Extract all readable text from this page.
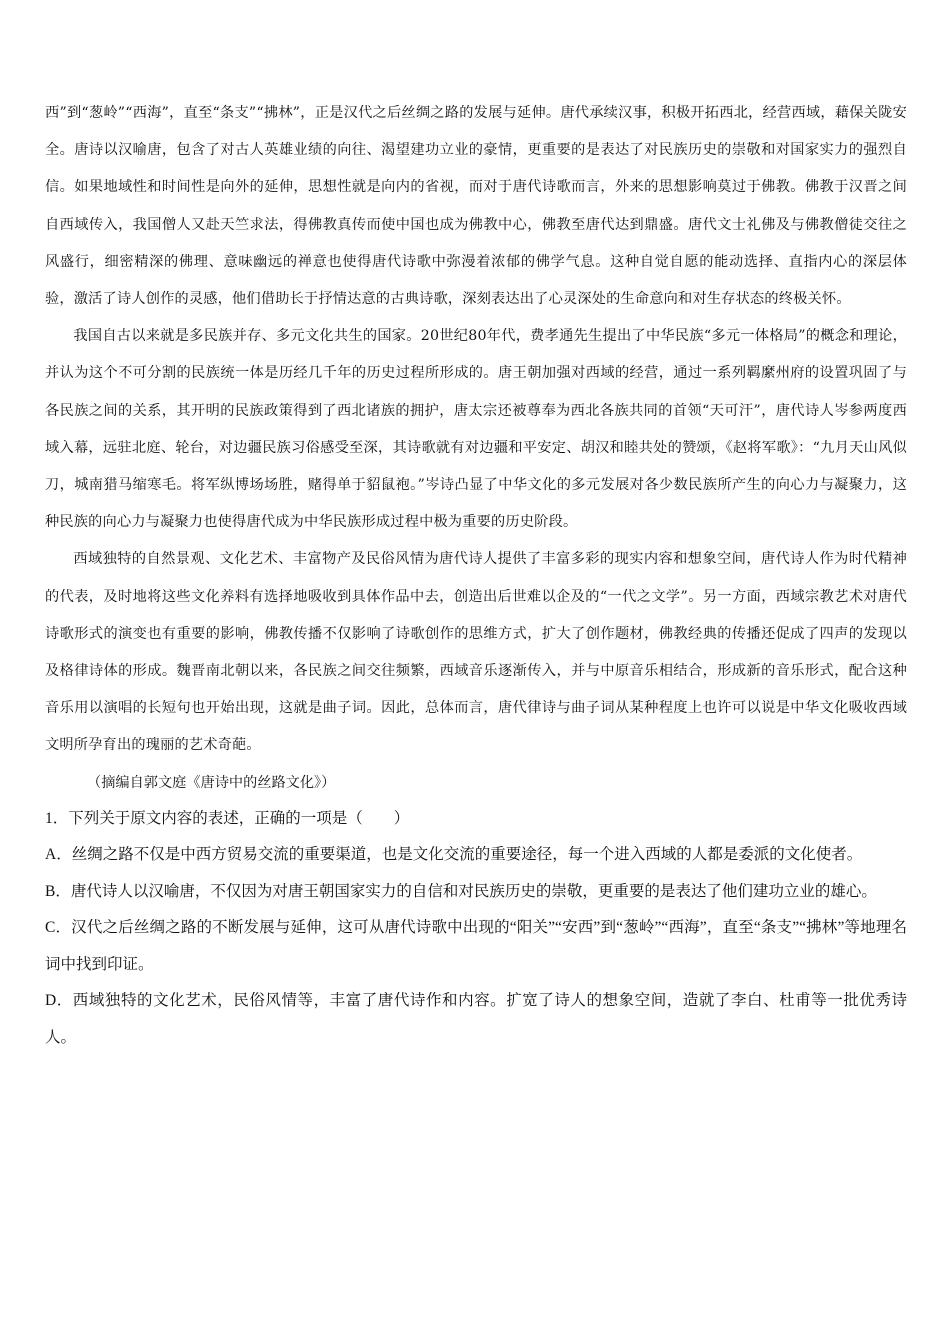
西”到“葱岭”“西海”，直至“条支”“拂林”，正是汉代之后丝绸之路的发展与延伸。唐代承续汉事，积极开拓西北，经营西域，藉保关陇安全。唐诗以汉喻唐，包含了对古人英雄业绩的向往、渴望建功立业的豪情，更重要的是表达了对民族历史的崇敬和对国家实力的强烈自信。如果地域性和时间性是向外的延伸，思想性就是向内的省视，而对于唐代诗歌而言，外来的思想影响莫过于佛教。佛教于汉晋之间自西域传入，我国僧人又赴天竺求法，得佛教真传而使中国也成为佛教中心，佛教至唐代达到鼎盛。唐代文士礼佛及与佛教僧徒交往之风盛行，细密精深的佛理、意味幽远的禅意也使得唐代诗歌中弥漫着浓郁的佛学气息。这种自觉自愿的能动选择、直指内心的深层体验，激活了诗人创作的灵感，他们借助长于抒情达意的古典诗歌，深刻表达出了心灵深处的生命意向和对生存状态的终极关怀。

我国自古以来就是多民族并存、多元文化共生的国家。20世纪80年代，费孝通先生提出了中华民族“多元一体格局”的概念和理论，并认为这个不可分割的民族统一体是历经几千年的历史过程所形成的。唐王朝加强对西域的经营，通过一系列羁縻州府的设置巩固了与各民族之间的关系，其开明的民族政策得到了西北诸族的拥护，唐太宗还被尊奉为西北各族共同的首领“天可汗”，唐代诗人岑参两度西域入幕，远驻北庭、轮台，对边疆民族习俗感受至深，其诗歌就有对边疆和平安定、胡汉和睦共处的赞颂，《赵将军歌》：“九月天山风似刀，城南猎马缩寒毛。将军纵博场场胜，赌得单于貂鼠袍。”岑诗凸显了中华文化的多元发展对各少数民族所产生的向心力与凝聚力，这种民族的向心力与凝聚力也使得唐代成为中华民族形成过程中极为重要的历史阶段。

西域独特的自然景观、文化艺术、丰富物产及民俗风情为唐代诗人提供了丰富多彩的现实内容和想象空间，唐代诗人作为时代精神的代表，及时地将这些文化养料有选择地吸收到具体作品中去，创造出后世难以企及的“一代之文学”。另一方面，西域宗教艺术对唐代诗歌形式的演变也有重要的影响，佛教传播不仅影响了诗歌创作的思维方式，扩大了创作题材，佛教经典的传播还促成了四声的发现以及格律诗体的形成。魏晋南北朝以来，各民族之间交往频繁，西域音乐逐渐传入，并与中原音乐相结合，形成新的音乐形式，配合这种音乐用以演唱的长短句也开始出现，这就是曲子词。因此，总体而言，唐代律诗与曲子词从某种程度上也许可以说是中华文化吸收西域文明所孕育出的瑰丽的艺术奇葩。

（摘编自郭文庭《唐诗中的丝路文化》）

1．下列关于原文内容的表述，正确的一项是（　　）

A．丝绸之路不仅是中西方贸易交流的重要渠道，也是文化交流的重要途径，每一个进入西域的人都是委派的文化使者。

B．唐代诗人以汉喻唐，不仅因为对唐王朝国家实力的自信和对民族历史的崇敬，更重要的是表达了他们建功立业的雄心。

C．汉代之后丝绸之路的不断发展与延伸，这可从唐代诗歌中出现的“阳关”“安西”到“葱岭”“西海”，直至“条支”“拂林”等地理名词中找到印证。

D．西域独特的文化艺术，民俗风情等，丰富了唐代诗作和内容。扩宽了诗人的想象空间，造就了李白、杜甫等一批优秀诗人。
